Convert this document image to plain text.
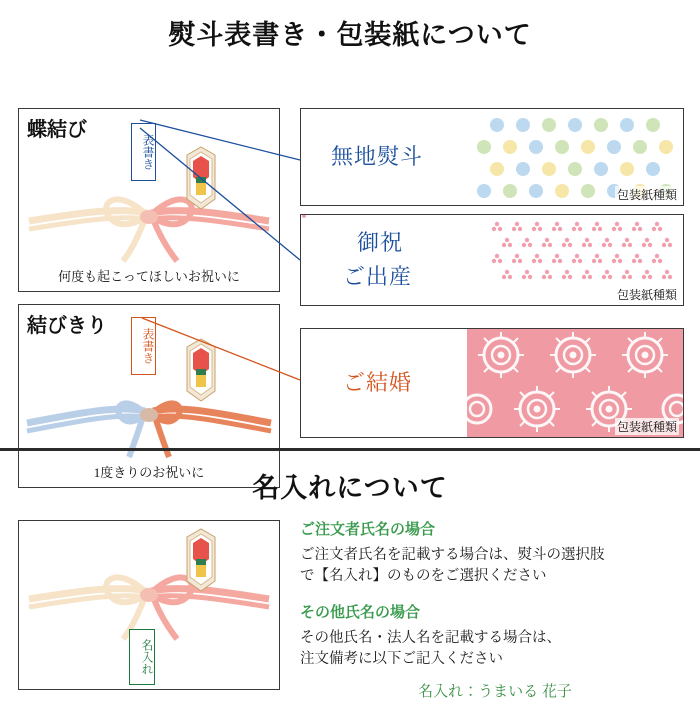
熨斗表書き・包装紙について
蝶結び
表書き
何度も起こってほしいお祝いに
結びきり
表書き
1度きりのお祝いに
無地熨斗
包装紙種類
御祝
ご出産
包装紙種類
ご結婚
包装紙種類
名入れについて
名入れ
ご注文者氏名の場合
ご注文者氏名を記載する場合は、熨斗の選択肢
で【名入れ】のものをご選択ください
その他氏名の場合
その他氏名・法人名を記載する場合は、
注文備考に以下ご記入ください
名入れ：うまいる 花子
